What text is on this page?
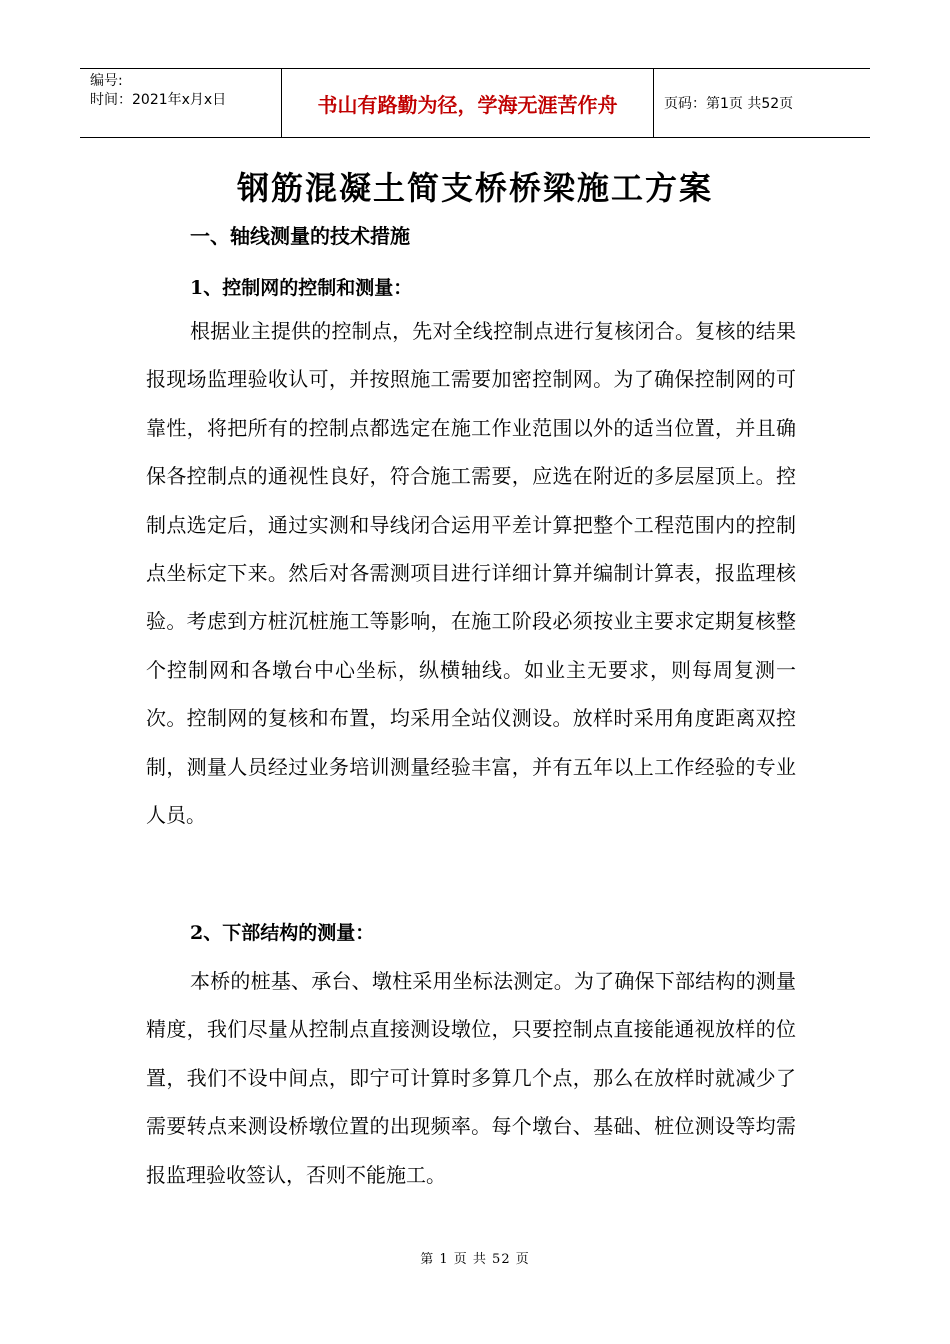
编号:
时间：2021年x月x日	书山有路勤为径，学海无涯苦作舟	页码：第1页 共52页
钢筋混凝土简支桥桥梁施工方案
一、轴线测量的技术措施
1、控制网的控制和测量：
根据业主提供的控制点，先对全线控制点进行复核闭合。复核的结果报现场监理验收认可，并按照施工需要加密控制网。为了确保控制网的可靠性，将把所有的控制点都选定在施工作业范围以外的适当位置，并且确保各控制点的通视性良好，符合施工需要，应选在附近的多层屋顶上。控制点选定后，通过实测和导线闭合运用平差计算把整个工程范围内的控制点坐标定下来。然后对各需测项目进行详细计算并编制计算表，报监理核验。考虑到方桩沉桩施工等影响，在施工阶段必须按业主要求定期复核整个控制网和各墩台中心坐标，纵横轴线。如业主无要求，则每周复测一次。控制网的复核和布置，均采用全站仪测设。放样时采用角度距离双控制，测量人员经过业务培训测量经验丰富，并有五年以上工作经验的专业人员。
2、下部结构的测量：
本桥的桩基、承台、墩柱采用坐标法测定。为了确保下部结构的测量精度，我们尽量从控制点直接测设墩位，只要控制点直接能通视放样的位置，我们不设中间点，即宁可计算时多算几个点，那么在放样时就减少了需要转点来测设桥墩位置的出现频率。每个墩台、基础、桩位测设等均需报监理验收签认，否则不能施工。
第 1 页 共 52 页
